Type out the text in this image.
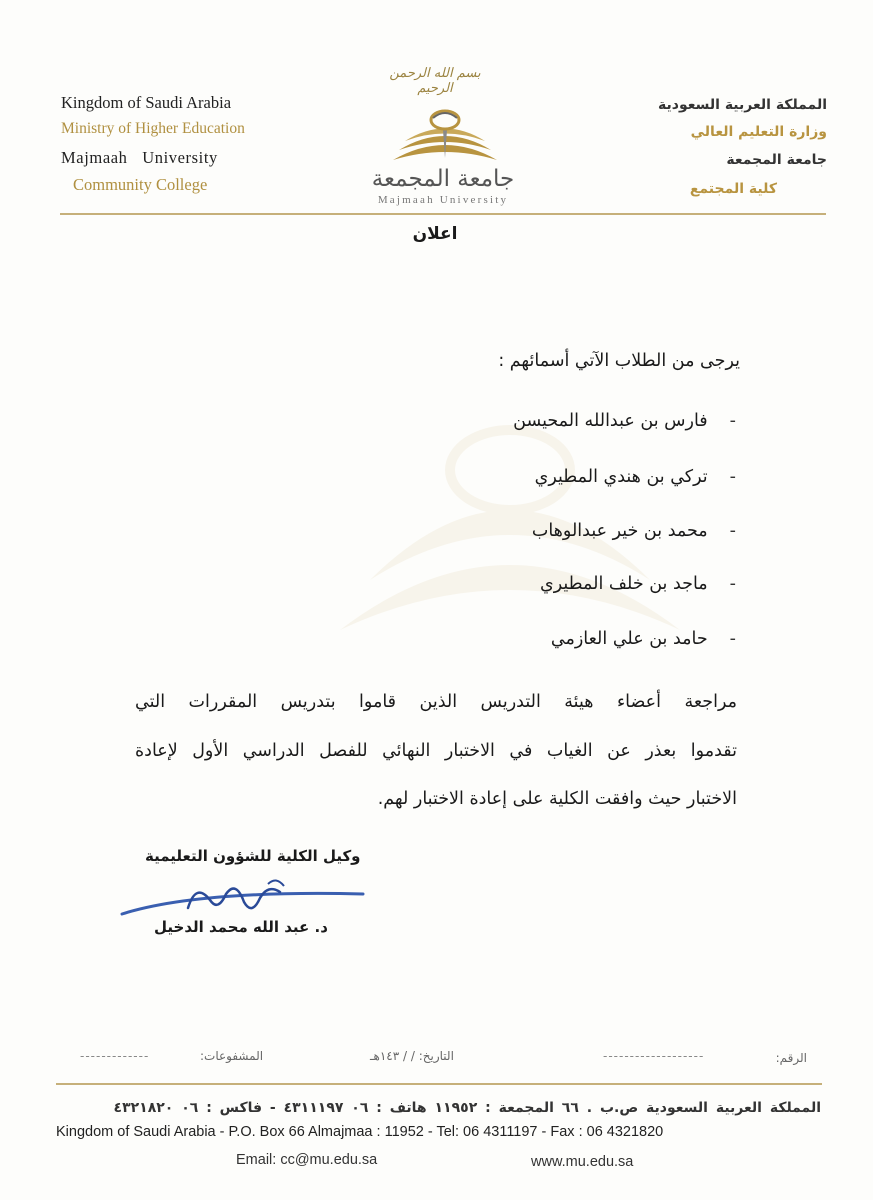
Kingdom of Saudi Arabia
Ministry of Higher Education
Majmaah University
Community College
المملكة العربية السعودية
وزارة التعليم العالي
جامعة المجمعة
كلية المجتمع
بسم الله الرحمن الرحيم
جامعة المجمعة
Majmaah University
اعلان
يرجى من الطلاب الآتي أسمائهم :
-
فارس بن عبدالله المحيسن
-
تركي بن هندي المطيري
-
محمد بن خير عبدالوهاب
-
ماجد بن خلف المطيري
-
حامد بن علي العازمي
مراجعة أعضاء هيئة التدريس الذين قاموا بتدريس المقررات التي
تقدموا بعذر عن الغياب في الاختبار النهائي للفصل الدراسي الأول لإعادة
الاختبار حيث وافقت الكلية على إعادة الاختبار لهم.
وكيل الكلية للشؤون التعليمية
د. عبد الله محمد الدخيل
الرقم:
-------------------
التاريخ: / / ١٤٣هـ
المشفوعات:
-------------
المملكة العربية السعودية ص.ب . ٦٦ المجمعة : ١١٩٥٢ هاتف : ٠٦ ٤٣١١١٩٧ - فاكس : ٠٦ ٤٣٢١٨٢٠
Kingdom of Saudi Arabia - P.O. Box 66 Almajmaa : 11952 - Tel: 06 4311197 - Fax : 06 4321820
Email: cc@mu.edu.sa	www.mu.edu.sa
